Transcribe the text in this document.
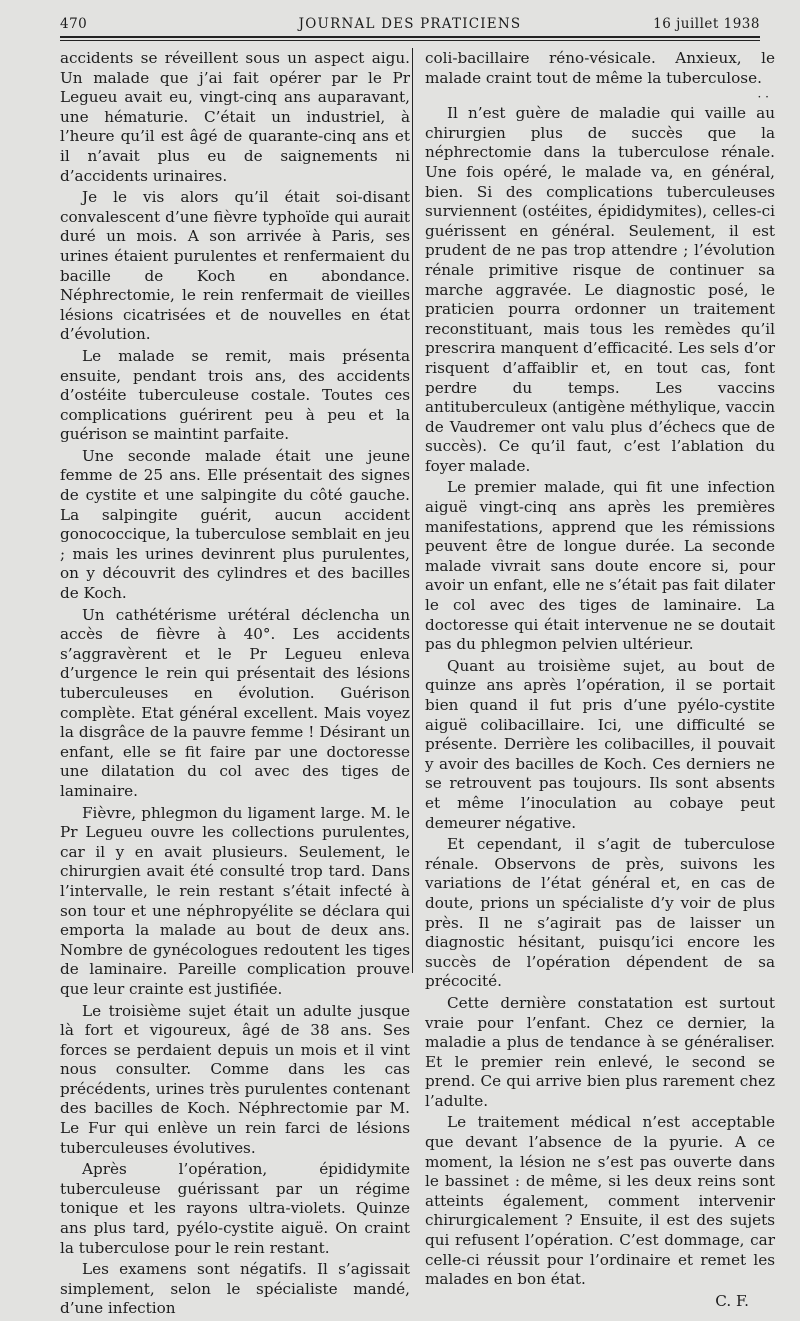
470	JOURNAL DES PRATICIENS	16 juillet 1938

accidents se réveillent sous un aspect aigu. Un malade que j’ai fait opérer par le Pr Legueu avait eu, vingt-cinq ans auparavant, une hématurie. C’était un industriel, à l’heure qu’il est âgé de quarante-cinq ans et il n’avait plus eu de saignements ni d’accidents urinaires.

Je le vis alors qu’il était soi-disant convalescent d’une fièvre typhoïde qui aurait duré un mois. A son arrivée à Paris, ses urines étaient purulentes et renfermaient du bacille de Koch en abondance. Néphrectomie, le rein renfermait de vieilles lésions cicatrisées et de nouvelles en état d’évolution.

Le malade se remit, mais présenta ensuite, pendant trois ans, des accidents d’ostéite tuberculeuse costale. Toutes ces complications guérirent peu à peu et la guérison se maintint parfaite.

Une seconde malade était une jeune femme de 25 ans. Elle présentait des signes de cystite et une salpingite du côté gauche. La salpingite guérit, aucun accident gonococcique, la tuberculose semblait en jeu ; mais les urines devinrent plus purulentes, on y découvrit des cylindres et des bacilles de Koch.

Un cathétérisme urétéral déclencha un accès de fièvre à 40°. Les accidents s’aggravèrent et le Pr Legueu enleva d’urgence le rein qui présentait des lésions tuberculeuses en évolution. Guérison complète. Etat général excellent. Mais voyez la disgrâce de la pauvre femme ! Désirant un enfant, elle se fit faire par une doctoresse une dilatation du col avec des tiges de laminaire.

Fièvre, phlegmon du ligament large. M. le Pr Legueu ouvre les collections purulentes, car il y en avait plusieurs. Seulement, le chirurgien avait été consulté trop tard. Dans l’intervalle, le rein restant s’était infecté à son tour et une néphropyélite se déclara qui emporta la malade au bout de deux ans. Nombre de gynécologues redoutent les tiges de laminaire. Pareille complication prouve que leur crainte est justifiée.

Le troisième sujet était un adulte jusque là fort et vigoureux, âgé de 38 ans. Ses forces se perdaient depuis un mois et il vint nous consulter. Comme dans les cas précédents, urines très purulentes contenant des bacilles de Koch. Néphrectomie par M. Le Fur qui enlève un rein farci de lésions tuberculeuses évolutives.

Après l’opération, épididymite tuberculeuse guérissant par un régime tonique et les rayons ultra-violets. Quinze ans plus tard, pyélo-cystite aiguë. On craint la tuberculose pour le rein restant.

Les examens sont négatifs. Il s’agissait simplement, selon le spécialiste mandé, d’une infection

coli-bacillaire réno-vésicale. Anxieux, le malade craint tout de même la tuberculose.

· ·

Il n’est guère de maladie qui vaille au chirurgien plus de succès que la néphrectomie dans la tuberculose rénale. Une fois opéré, le malade va, en général, bien. Si des complications tuberculeuses surviennent (ostéites, épididymites), celles-ci guérissent en général. Seulement, il est prudent de ne pas trop attendre ; l’évolution rénale primitive risque de continuer sa marche aggravée. Le diagnostic posé, le praticien pourra ordonner un traitement reconstituant, mais tous les remèdes qu’il prescrira manquent d’efficacité. Les sels d’or risquent d’affaiblir et, en tout cas, font perdre du temps. Les vaccins antituberculeux (antigène méthylique, vaccin de Vaudremer ont valu plus d’échecs que de succès). Ce qu’il faut, c’est l’ablation du foyer malade.

Le premier malade, qui fit une infection aiguë vingt-cinq ans après les premières manifestations, apprend que les rémissions peuvent être de longue durée. La seconde malade vivrait sans doute encore si, pour avoir un enfant, elle ne s’était pas fait dilater le col avec des tiges de laminaire. La doctoresse qui était intervenue ne se doutait pas du phlegmon pelvien ultérieur.

Quant au troisième sujet, au bout de quinze ans après l’opération, il se portait bien quand il fut pris d’une pyélo-cystite aiguë colibacillaire. Ici, une difficulté se présente. Derrière les colibacilles, il pouvait y avoir des bacilles de Koch. Ces derniers ne se retrouvent pas toujours. Ils sont absents et même l’inoculation au cobaye peut demeurer négative.

Et cependant, il s’agit de tuberculose rénale. Observons de près, suivons les variations de l’état général et, en cas de doute, prions un spécialiste d’y voir de plus près. Il ne s’agirait pas de laisser un diagnostic hésitant, puisqu’ici encore les succès de l’opération dépendent de sa précocité.

Cette dernière constatation est surtout vraie pour l’enfant. Chez ce dernier, la maladie a plus de tendance à se généraliser. Et le premier rein enlevé, le second se prend. Ce qui arrive bien plus rarement chez l’adulte.

Le traitement médical n’est acceptable que devant l’absence de la pyurie. A ce moment, la lésion ne s’est pas ouverte dans le bassinet : de même, si les deux reins sont atteints également, comment intervenir chirurgicalement ? Ensuite, il est des sujets qui refusent l’opération. C’est dommage, car celle-ci réussit pour l’ordinaire et remet les malades en bon état.

C. F.
